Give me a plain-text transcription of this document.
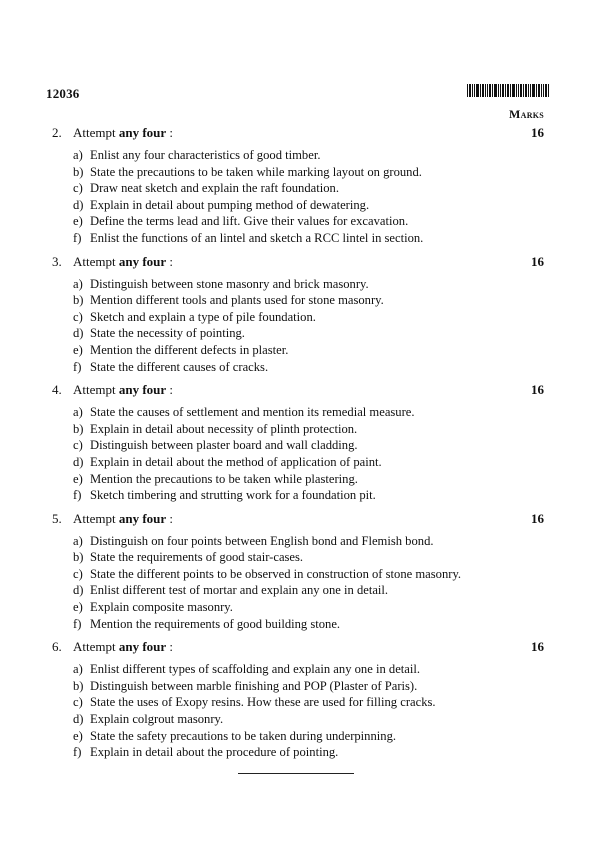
12036
Marks
2. Attempt any four :	16
a) Enlist any four characteristics of good timber.
b) State the precautions to be taken while marking layout on ground.
c) Draw neat sketch and explain the raft foundation.
d) Explain in detail about pumping method of dewatering.
e) Define the terms lead and lift. Give their values for excavation.
f) Enlist the functions of an lintel and sketch a RCC lintel in section.
3. Attempt any four :	16
a) Distinguish between stone masonry and brick masonry.
b) Mention different tools and plants used for stone masonry.
c) Sketch and explain a type of pile foundation.
d) State the necessity of pointing.
e) Mention the different defects in plaster.
f) State the different causes of cracks.
4. Attempt any four :	16
a) State the causes of settlement and mention its remedial measure.
b) Explain in detail about necessity of plinth protection.
c) Distinguish between plaster board and wall cladding.
d) Explain in detail about the method of application of paint.
e) Mention the precautions to be taken while plastering.
f) Sketch timbering and strutting work for a foundation pit.
5. Attempt any four :	16
a) Distinguish on four points between English bond and Flemish bond.
b) State the requirements of good stair-cases.
c) State the different points to be observed in construction of stone masonry.
d) Enlist different test of mortar and explain any one in detail.
e) Explain composite masonry.
f) Mention the requirements of good building stone.
6. Attempt any four :	16
a) Enlist different types of scaffolding and explain any one in detail.
b) Distinguish between marble finishing and POP (Plaster of Paris).
c) State the uses of Exopy resins. How these are used for filling cracks.
d) Explain colgrout masonry.
e) State the safety precautions to be taken during underpinning.
f) Explain in detail about the procedure of pointing.
